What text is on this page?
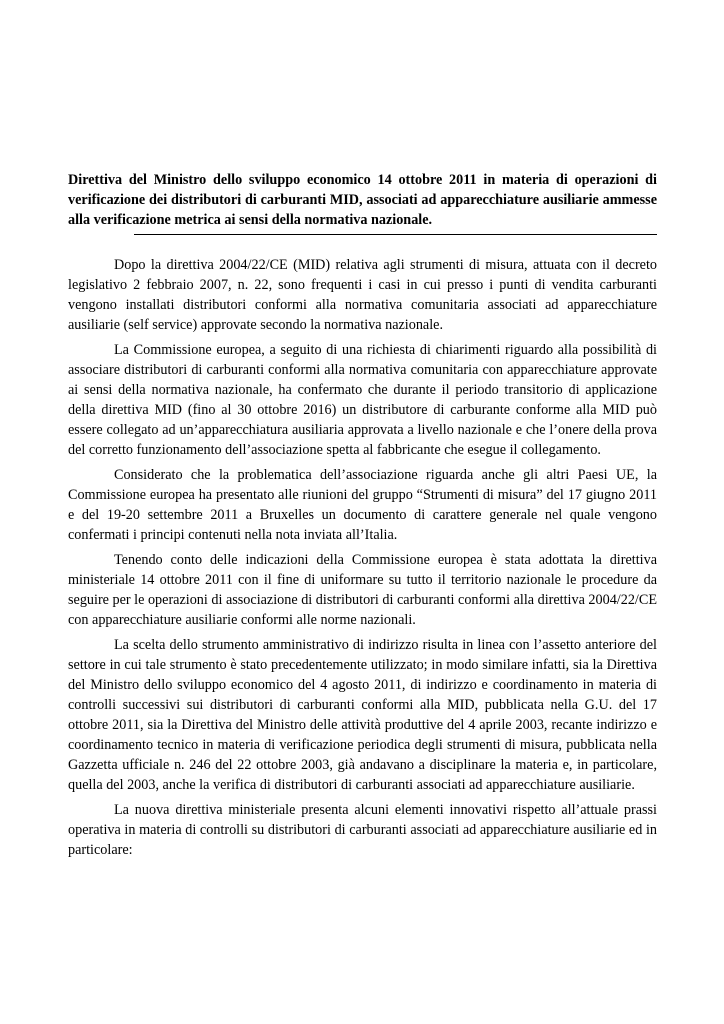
Direttiva del Ministro dello sviluppo economico 14 ottobre 2011 in materia di operazioni di verificazione dei distributori di carburanti MID, associati ad apparecchiature ausiliarie ammesse alla verificazione metrica ai sensi della normativa nazionale.

Dopo la direttiva 2004/22/CE (MID) relativa agli strumenti di misura, attuata con il decreto legislativo 2 febbraio 2007, n. 22, sono frequenti i casi in cui presso i punti di vendita carburanti vengono installati distributori conformi alla normativa comunitaria associati ad apparecchiature ausiliarie (self service) approvate secondo la normativa nazionale.

La Commissione europea, a seguito di una richiesta di chiarimenti riguardo alla possibilità di associare distributori di carburanti conformi alla normativa comunitaria con apparecchiature approvate ai sensi della normativa nazionale, ha confermato che durante il periodo transitorio di applicazione della direttiva MID (fino al 30 ottobre 2016) un distributore di carburante conforme alla MID può essere collegato ad un’apparecchiatura ausiliaria approvata a livello nazionale e che l’onere della prova del corretto funzionamento dell’associazione spetta al fabbricante che esegue il collegamento.

Considerato che la problematica dell’associazione riguarda anche gli altri Paesi UE, la Commissione europea ha presentato alle riunioni del gruppo “Strumenti di misura” del 17 giugno 2011 e del 19-20 settembre 2011 a Bruxelles un documento di carattere generale nel quale vengono confermati i principi contenuti nella nota inviata all’Italia.

Tenendo conto delle indicazioni della Commissione europea è stata adottata la direttiva ministeriale 14 ottobre 2011 con il fine di uniformare su tutto il territorio nazionale le procedure da seguire per le operazioni di associazione di distributori di carburanti conformi alla direttiva 2004/22/CE con apparecchiature ausiliarie conformi alle norme nazionali.

La scelta dello strumento amministrativo di indirizzo risulta in linea con l’assetto anteriore del settore in cui tale strumento è stato precedentemente utilizzato; in modo similare infatti, sia la Direttiva del Ministro dello sviluppo economico del 4 agosto 2011, di indirizzo e coordinamento in materia di controlli successivi sui distributori di carburanti conformi alla MID, pubblicata nella G.U. del 17 ottobre 2011, sia la Direttiva del Ministro delle attività produttive del 4 aprile 2003, recante indirizzo e coordinamento tecnico in materia di verificazione periodica degli strumenti di misura, pubblicata nella Gazzetta ufficiale n. 246 del 22 ottobre 2003, già andavano a disciplinare la materia e, in particolare, quella del 2003, anche la verifica di distributori di carburanti associati ad apparecchiature ausiliarie.

La nuova direttiva ministeriale presenta alcuni elementi innovativi rispetto all’attuale prassi operativa in materia di controlli su distributori di carburanti associati ad apparecchiature ausiliarie ed in particolare:
